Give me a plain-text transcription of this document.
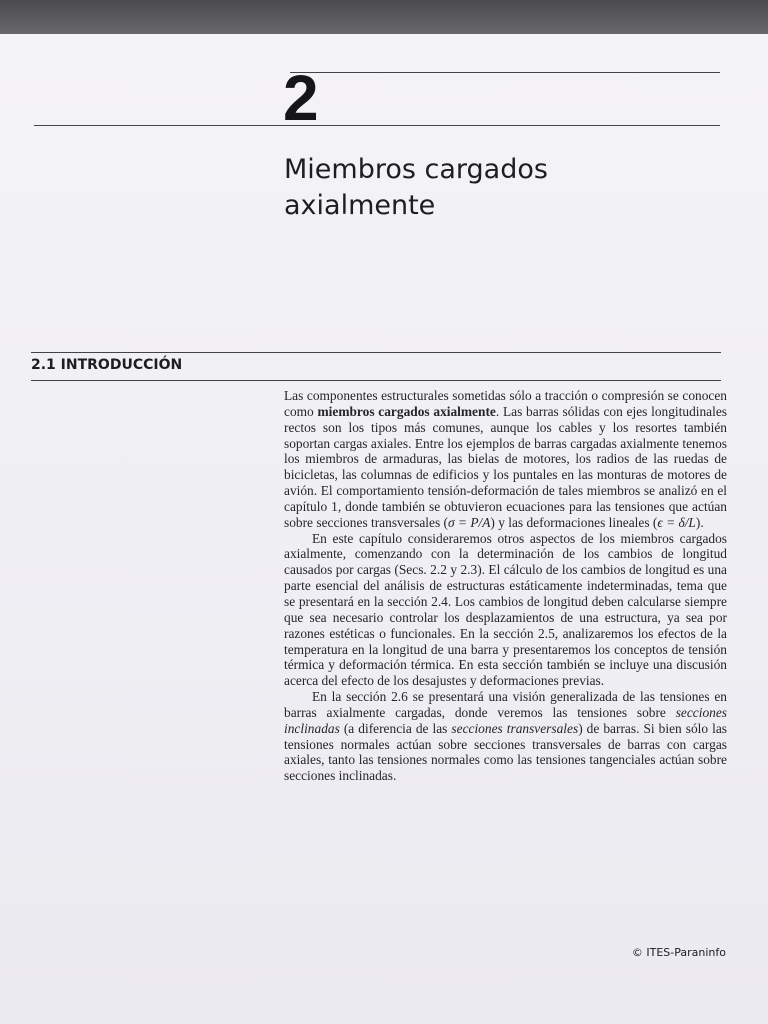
2
Miembros cargados
axialmente
2.1 INTRODUCCIÓN

Las componentes estructurales sometidas sólo a tracción o compresión se conocen como miembros cargados axialmente. Las barras sólidas con ejes longitudinales rectos son los tipos más comunes, aunque los cables y los resortes también soportan cargas axiales. Entre los ejemplos de barras cargadas axialmente tenemos los miembros de armaduras, las bielas de motores, los radios de las ruedas de bicicletas, las columnas de edificios y los puntales en las monturas de motores de avión. El comportamiento tensión-deformación de tales miembros se analizó en el capítulo 1, donde también se obtuvieron ecuaciones para las tensiones que actúan sobre secciones transversales (σ = P/A) y las deformaciones lineales (ϵ = δ/L).

En este capítulo consideraremos otros aspectos de los miembros cargados axialmente, comenzando con la determinación de los cambios de longitud causados por cargas (Secs. 2.2 y 2.3). El cálculo de los cambios de longitud es una parte esencial del análisis de estructuras estáticamente indeterminadas, tema que se presentará en la sección 2.4. Los cambios de longitud deben calcularse siempre que sea necesario controlar los desplazamientos de una estructura, ya sea por razones estéticas o funcionales. En la sección 2.5, analizaremos los efectos de la temperatura en la longitud de una barra y presentaremos los conceptos de tensión térmica y deformación térmica. En esta sección también se incluye una discusión acerca del efecto de los desajustes y deformaciones previas.

En la sección 2.6 se presentará una visión generalizada de las tensiones en barras axialmente cargadas, donde veremos las tensiones sobre secciones inclinadas (a diferencia de las secciones transversales) de barras. Si bien sólo las tensiones normales actúan sobre secciones transversales de barras con cargas axiales, tanto las tensiones normales como las tensiones tangenciales actúan sobre secciones inclinadas.

© ITES-Paraninfo
